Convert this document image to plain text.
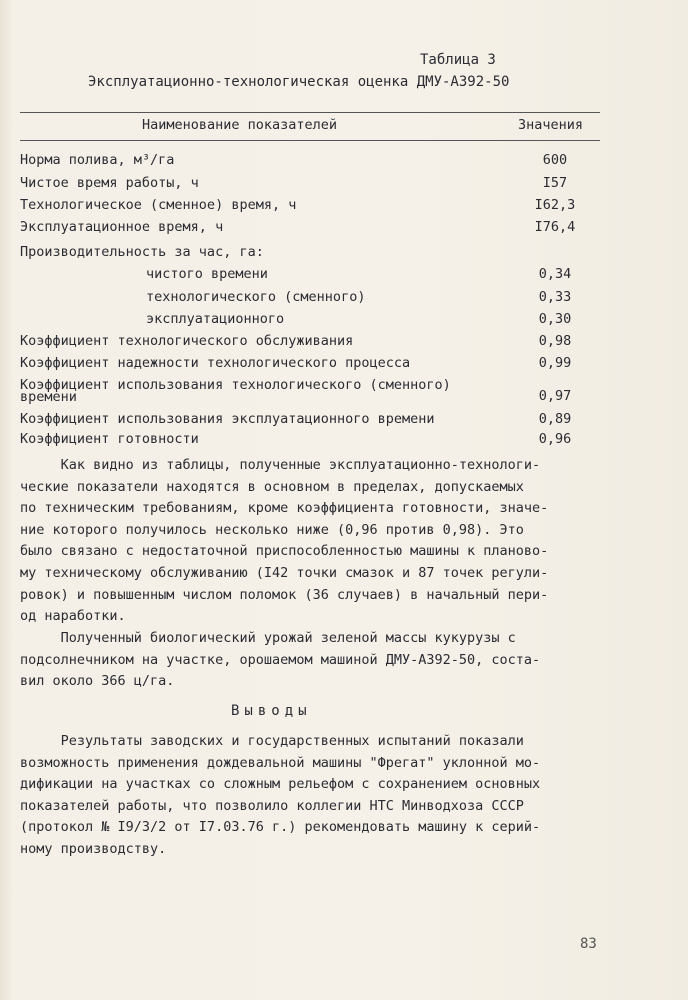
Таблица 3
Эксплуатационно-технологическая оценка ДМУ-А392-50
Наименование показателей	Значения
Норма полива, м³/га	600
Чистое время работы, ч	I57
Технологическое (сменное) время, ч	I62,3
Эксплуатационное время, ч	I76,4
Производительность за час, га:
чистого времени	0,34
технологического (сменного)	0,33
эксплуатационного	0,30
Коэффициент технологического обслуживания	0,98
Коэффициент надежности технологического процесса	0,99
Коэффициент использования технологического (сменного)
времени	0,97
Коэффициент использования эксплуатационного времени	0,89
Коэффициент готовности	0,96
Как видно из таблицы, полученные эксплуатационно-технологи-
ческие показатели находятся в основном в пределах, допускаемых
по техническим требованиям, кроме коэффициента готовности, значе-
ние которого получилось несколько ниже (0,96 против 0,98). Это
было связано с недостаточной приспособленностью машины к планово-
му техническому обслуживанию (I42 точки смазок и 87 точек регули-
ровок) и повышенным числом поломок (36 случаев) в начальный пери-
од наработки.
Полученный биологический урожай зеленой массы кукурузы с
подсолнечником на участке, орошаемом машиной ДМУ-А392-50, соста-
вил около 366 ц/га.
Выводы
Результаты заводских и государственных испытаний показали
возможность применения дождевальной машины "Фрегат" уклонной мо-
дификации на участках со сложным рельефом с сохранением основных
показателей работы, что позволило коллегии НТС Минводхоза СССР
(протокол № I9/3/2 от I7.03.76 г.) рекомендовать машину к серий-
ному производству.
83
